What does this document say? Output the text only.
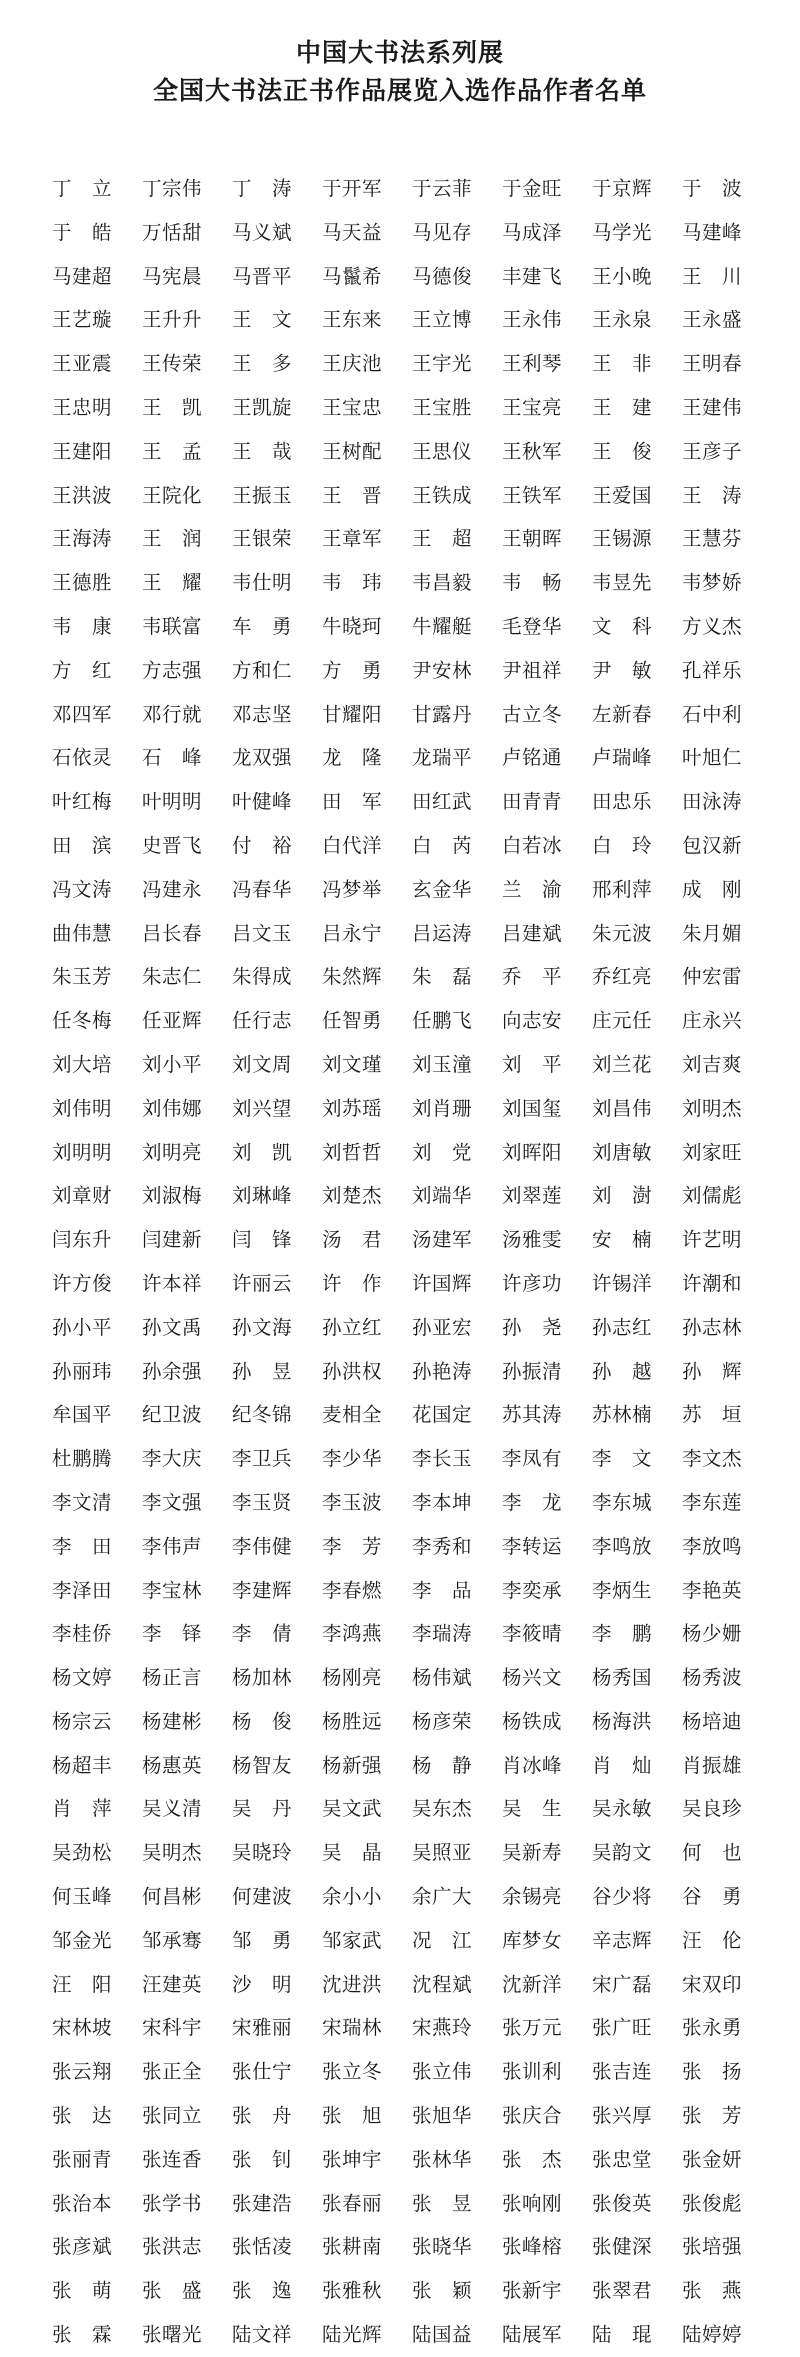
中国大书法系列展
全国大书法正书作品展览入选作品作者名单
丁　立	丁宗伟	丁　涛	于开军	于云菲	于金旺	于京辉	于　波
于　皓	万恬甜	马义斌	马天益	马见存	马成泽	马学光	马建峰
马建超	马宪晨	马晋平	马鬣希	马德俊	丰建飞	王小晚	王　川
王艺璇	王升升	王　文	王东来	王立博	王永伟	王永泉	王永盛
王亚震	王传荣	王　多	王庆池	王宇光	王利琴	王　非	王明春
王忠明	王　凯	王凯旋	王宝忠	王宝胜	王宝亮	王　建	王建伟
王建阳	王　孟	王　哉	王树配	王思仪	王秋军	王　俊	王彦子
王洪波	王院化	王振玉	王　晋	王铁成	王铁军	王爱国	王　涛
王海涛	王　润	王银荣	王章军	王　超	王朝晖	王锡源	王慧芬
王德胜	王　耀	韦仕明	韦　玮	韦昌毅	韦　畅	韦昱先	韦梦娇
韦　康	韦联富	车　勇	牛晓珂	牛耀艇	毛登华	文　科	方义杰
方　红	方志强	方和仁	方　勇	尹安林	尹祖祥	尹　敏	孔祥乐
邓四军	邓行就	邓志坚	甘耀阳	甘露丹	古立冬	左新春	石中利
石依灵	石　峰	龙双强	龙　隆	龙瑞平	卢铭通	卢瑞峰	叶旭仁
叶红梅	叶明明	叶健峰	田　军	田红武	田青青	田忠乐	田泳涛
田　滨	史晋飞	付　裕	白代洋	白　芮	白若冰	白　玲	包汉新
冯文涛	冯建永	冯春华	冯梦举	玄金华	兰　渝	邢利萍	成　刚
曲伟慧	吕长春	吕文玉	吕永宁	吕运涛	吕建斌	朱元波	朱月媚
朱玉芳	朱志仁	朱得成	朱然辉	朱　磊	乔　平	乔红亮	仲宏雷
任冬梅	任亚辉	任行志	任智勇	任鹏飞	向志安	庄元任	庄永兴
刘大培	刘小平	刘文周	刘文瑾	刘玉潼	刘　平	刘兰花	刘吉爽
刘伟明	刘伟娜	刘兴望	刘苏瑶	刘肖珊	刘国玺	刘昌伟	刘明杰
刘明明	刘明亮	刘　凯	刘哲哲	刘　党	刘晖阳	刘唐敏	刘家旺
刘章财	刘淑梅	刘琳峰	刘楚杰	刘端华	刘翠莲	刘　澍	刘儒彪
闫东升	闫建新	闫　锋	汤　君	汤建军	汤雅雯	安　楠	许艺明
许方俊	许本祥	许丽云	许　作	许国辉	许彦功	许锡洋	许潮和
孙小平	孙文禹	孙文海	孙立红	孙亚宏	孙　尧	孙志红	孙志林
孙丽玮	孙余强	孙　昱	孙洪权	孙艳涛	孙振清	孙　越	孙　辉
牟国平	纪卫波	纪冬锦	麦相全	花国定	苏其涛	苏林楠	苏　垣
杜鹏腾	李大庆	李卫兵	李少华	李长玉	李凤有	李　文	李文杰
李文清	李文强	李玉贤	李玉波	李本坤	李　龙	李东城	李东莲
李　田	李伟声	李伟健	李　芳	李秀和	李转运	李鸣放	李放鸣
李泽田	李宝林	李建辉	李春燃	李　品	李奕承	李炳生	李艳英
李桂侨	李　铎	李　倩	李鸿燕	李瑞涛	李筱晴	李　鹏	杨少姗
杨文婷	杨正言	杨加林	杨刚亮	杨伟斌	杨兴文	杨秀国	杨秀波
杨宗云	杨建彬	杨　俊	杨胜远	杨彦荣	杨铁成	杨海洪	杨培迪
杨超丰	杨惠英	杨智友	杨新强	杨　静	肖冰峰	肖　灿	肖振雄
肖　萍	吴义清	吴　丹	吴文武	吴东杰	吴　生	吴永敏	吴良珍
吴劲松	吴明杰	吴晓玲	吴　晶	吴照亚	吴新寿	吴韵文	何　也
何玉峰	何昌彬	何建波	余小小	余广大	余锡亮	谷少将	谷　勇
邹金光	邹承骞	邹　勇	邹家武	况　江	库梦女	辛志辉	汪　伦
汪　阳	汪建英	沙　明	沈进洪	沈程斌	沈新洋	宋广磊	宋双印
宋林坡	宋科宇	宋雅丽	宋瑞林	宋燕玲	张万元	张广旺	张永勇
张云翔	张正全	张仕宁	张立冬	张立伟	张训利	张吉连	张　扬
张　达	张同立	张　舟	张　旭	张旭华	张庆合	张兴厚	张　芳
张丽青	张连香	张　钊	张坤宇	张林华	张　杰	张忠堂	张金妍
张治本	张学书	张建浩	张春丽	张　昱	张响刚	张俊英	张俊彪
张彦斌	张洪志	张恬凌	张耕南	张晓华	张峰榕	张健深	张培强
张　萌	张　盛	张　逸	张雅秋	张　颖	张新宇	张翠君	张　燕
张　霖	张曙光	陆文祥	陆光辉	陆国益	陆展军	陆　琨	陆婷婷
